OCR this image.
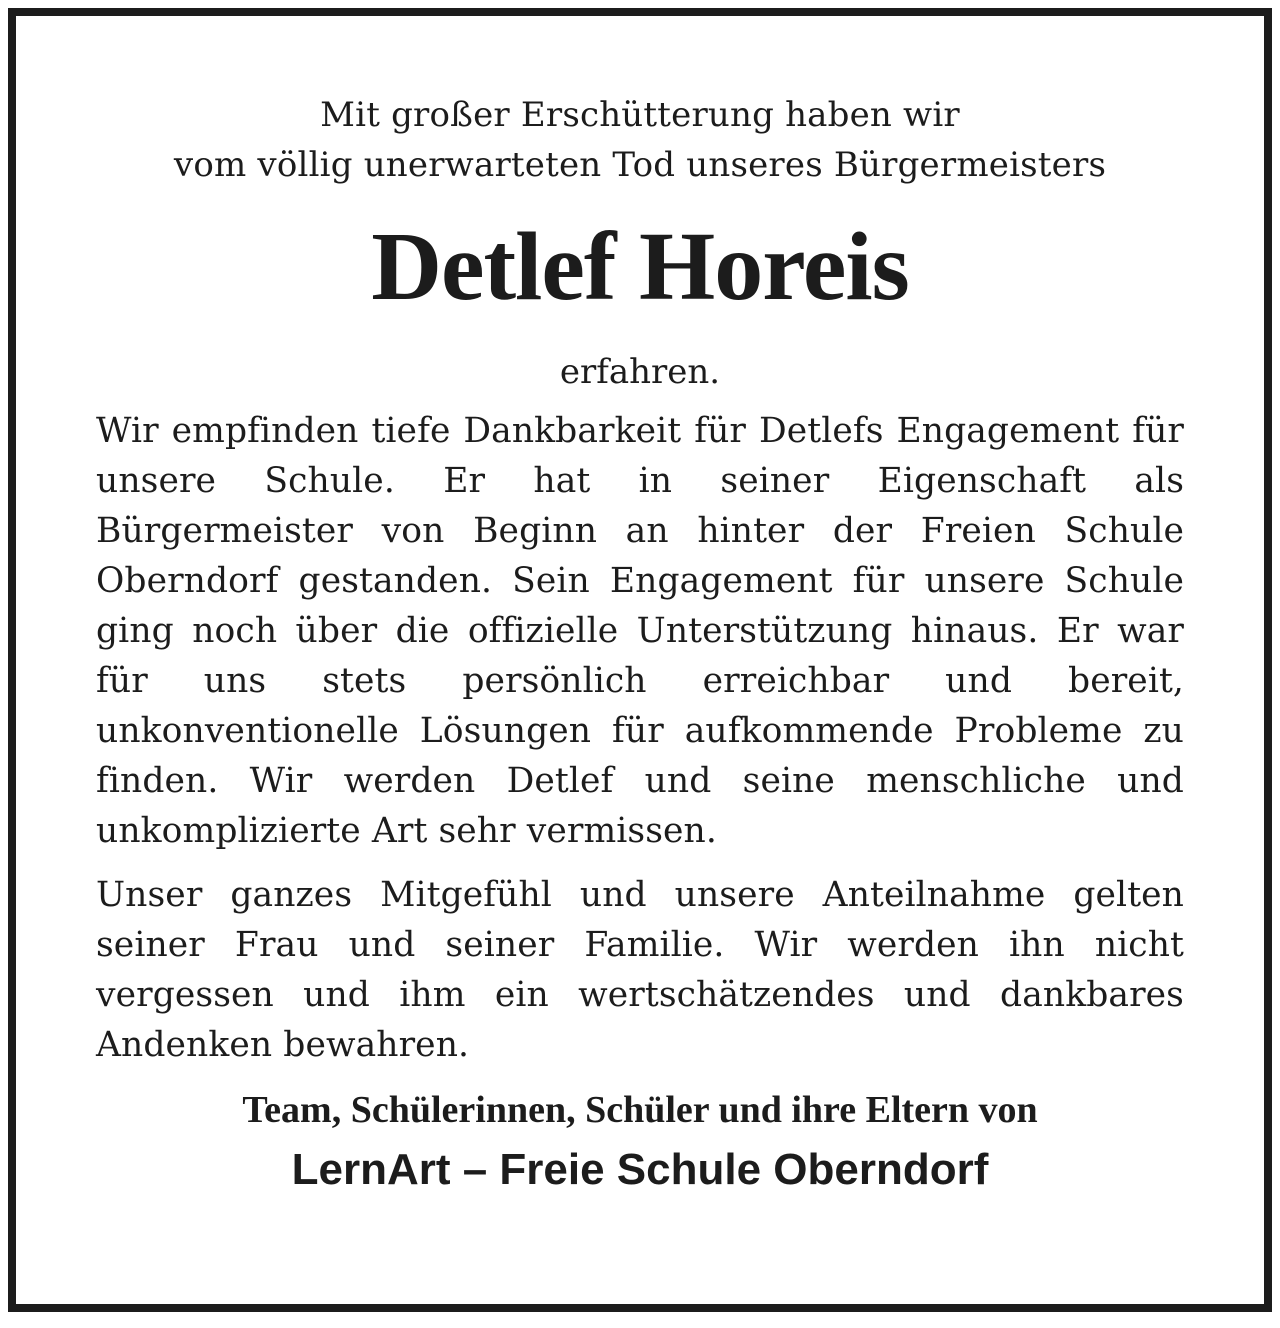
Mit großer Erschütterung haben wir
vom völlig unerwarteten Tod unseres Bürgermeisters

Detlef Horeis
erfahren.

Wir empfinden tiefe Dankbarkeit für Detlefs Engagement für unsere Schule. Er hat in seiner Eigenschaft als Bürgermeister von Beginn an hinter der Freien Schule Oberndorf gestanden. Sein Engagement für unsere Schule ging noch über die offizielle Unterstützung hinaus. Er war für uns stets persönlich erreichbar und bereit, unkonventionelle Lösungen für aufkommende Probleme zu finden. Wir werden Detlef und seine menschliche und unkomplizierte Art sehr vermissen.

Unser ganzes Mitgefühl und unsere Anteilnahme gelten seiner Frau und seiner Familie. Wir werden ihn nicht vergessen und ihm ein wertschätzendes und dankbares Andenken bewahren.

Team, Schülerinnen, Schüler und ihre Eltern von
LernArt – Freie Schule Oberndorf
